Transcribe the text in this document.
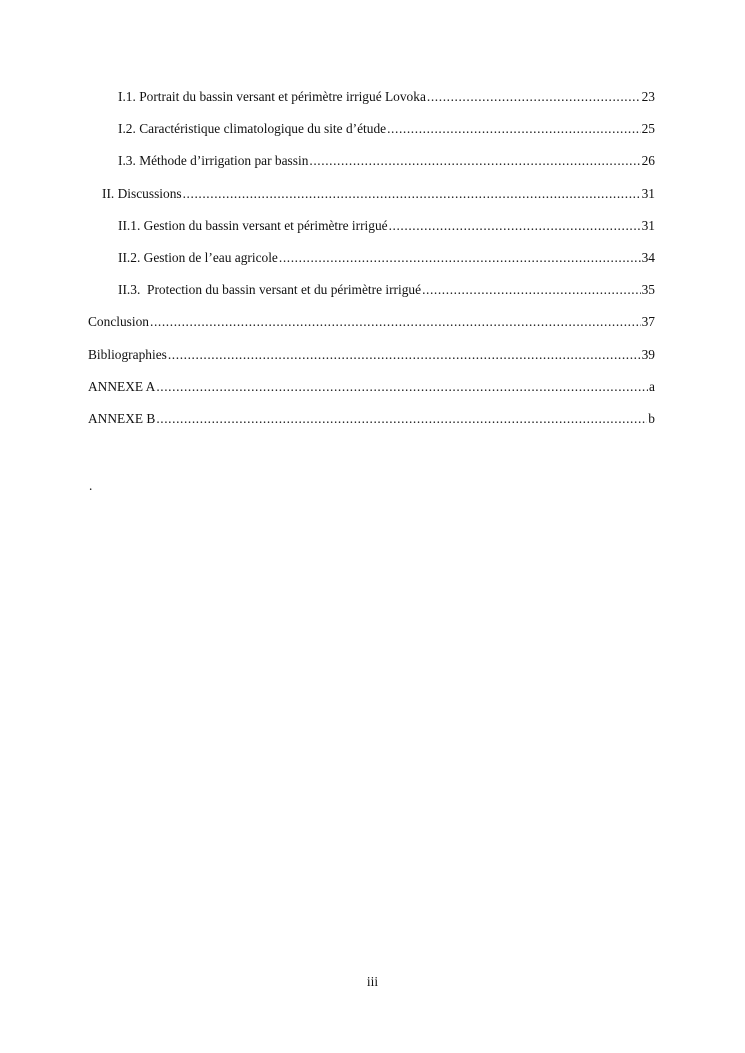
I.1. Portrait du bassin versant et périmètre irrigué Lovoka .....	23
I.2. Caractéristique climatologique du site d’étude .....	25
I.3. Méthode d’irrigation par bassin .....	26
II. Discussions .....	31
II.1. Gestion du bassin versant et périmètre irrigué .....	31
II.2. Gestion de l’eau agricole .....	34
II.3.  Protection du bassin versant et du périmètre irrigué .....	35
Conclusion .....	37
Bibliographies .....	39
ANNEXE A .....	a
ANNEXE B .....	b
.
iii
